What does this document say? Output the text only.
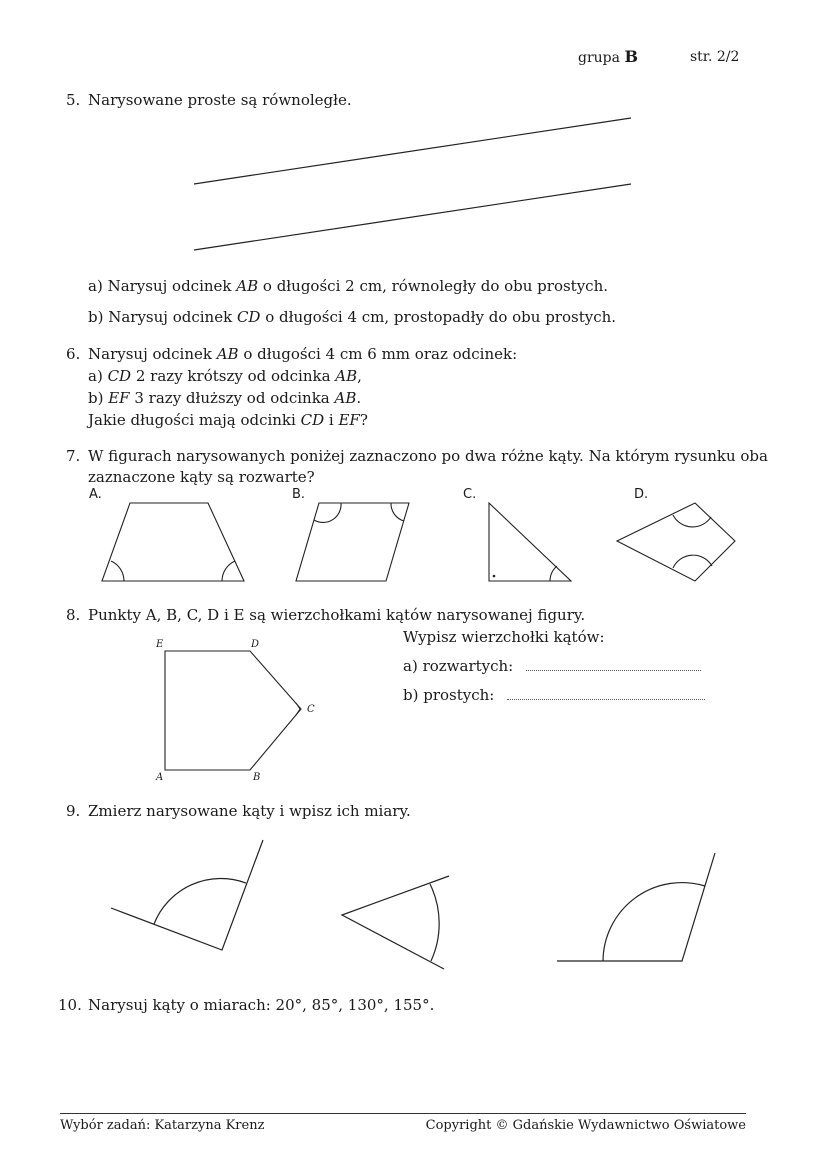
grupa B	str. 2/2
5. Narysowane proste są równoległe.
a) Narysuj odcinek AB o długości 2 cm, równoległy do obu prostych.
b) Narysuj odcinek CD o długości 4 cm, prostopadły do obu prostych.
6. Narysuj odcinek AB o długości 4 cm 6 mm oraz odcinek:
a) CD 2 razy krótszy od odcinka AB,
b) EF 3 razy dłuższy od odcinka AB.
Jakie długości mają odcinki CD i EF?
7. W figurach narysowanych poniżej zaznaczono po dwa różne kąty. Na którym rysunku oba
zaznaczone kąty są rozwarte?
A.	B.	C.	D.
8. Punkty A, B, C, D i E są wierzchołkami kątów narysowanej figury.
Wypisz wierzchołki kątów:
a) rozwartych:
b) prostych:
E	D
C
A	B
9. Zmierz narysowane kąty i wpisz ich miary.
10. Narysuj kąty o miarach: 20°, 85°, 130°, 155°.
Wybór zadań: Katarzyna Krenz	Copyright © Gdańskie Wydawnictwo Oświatowe
